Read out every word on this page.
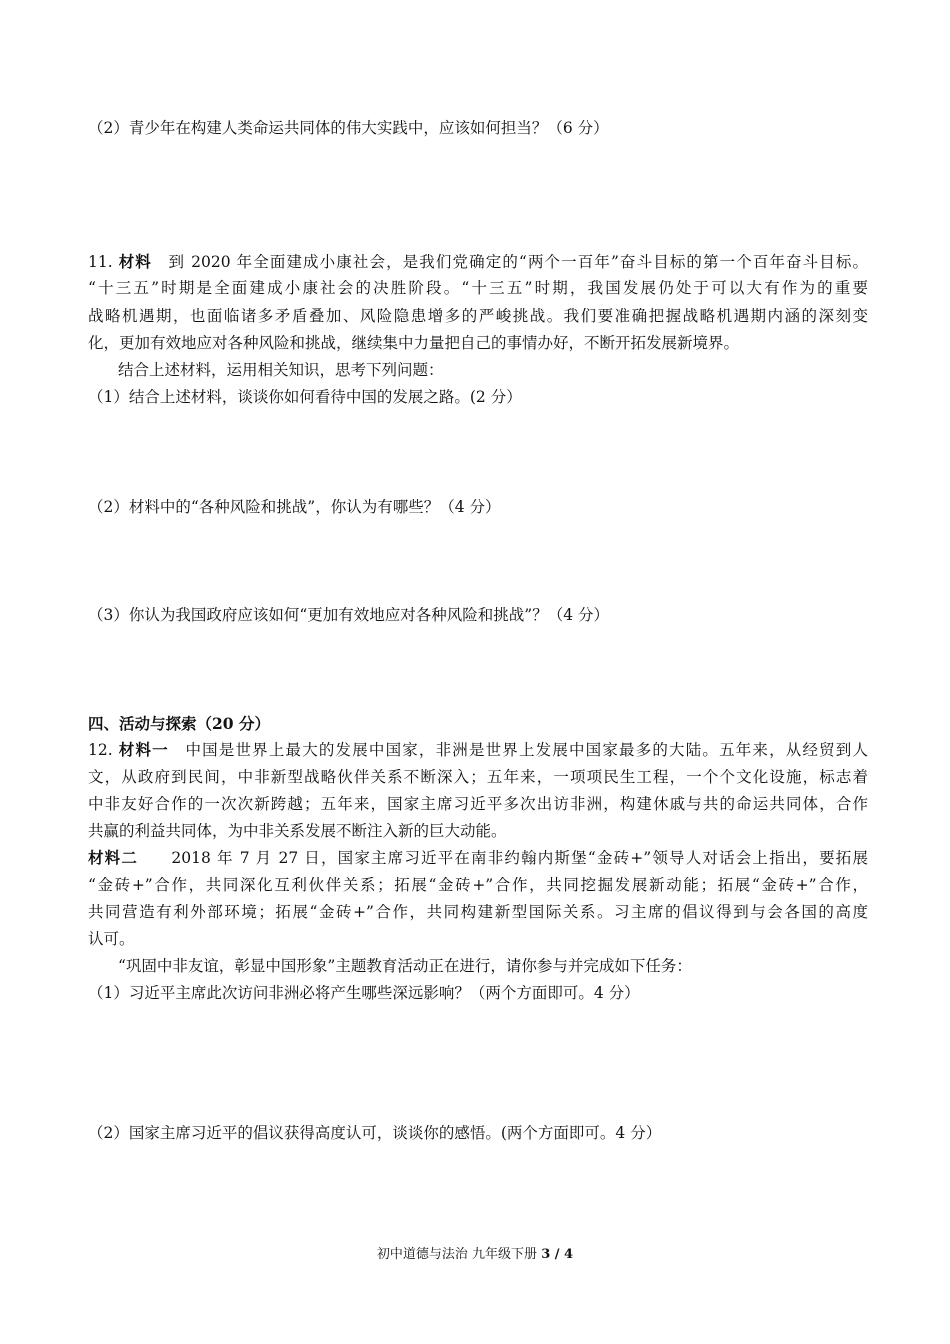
（2）青少年在构建人类命运共同体的伟大实践中，应该如何担当？（6 分）
11. 材料　 到 2020 年全面建成小康社会，是我们党确定的“两个一百年”奋斗目标的第一个百年奋斗目标。
“十三五”时期是全面建成小康社会的决胜阶段。“十三五”时期，我国发展仍处于可以大有作为的重要
战略机遇期，也面临诸多矛盾叠加、风险隐患增多的严峻挑战。我们要准确把握战略机遇期内涵的深刻变
化，更加有效地应对各种风险和挑战，继续集中力量把自己的事情办好，不断开拓发展新境界。
结合上述材料，运用相关知识，思考下列问题：
（1）结合上述材料，谈谈你如何看待中国的发展之路。(2 分）
（2）材料中的“各种风险和挑战”，你认为有哪些？（4 分）
（3）你认为我国政府应该如何“更加有效地应对各种风险和挑战”？（4 分）
四、活动与探索（20 分）
12. 材料一　 中国是世界上最大的发展中国家，非洲是世界上发展中国家最多的大陆。五年来，从经贸到人
文，从政府到民间，中非新型战略伙伴关系不断深入；五年来，一项项民生工程，一个个文化设施，标志着
中非友好合作的一次次新跨越；五年来，国家主席习近平多次出访非洲，构建休戚与共的命运共同体，合作
共赢的利益共同体，为中非关系发展不断注入新的巨大动能。
材料二　　 2018 年 7 月 27 日，国家主席习近平在南非约翰内斯堡“金砖+”领导人对话会上指出，要拓展
“金砖+”合作，共同深化互利伙伴关系；拓展“金砖+”合作，共同挖掘发展新动能；拓展“金砖+”合作，
共同营造有利外部环境；拓展“金砖+”合作，共同构建新型国际关系。习主席的倡议得到与会各国的高度
认可。
“巩固中非友谊，彰显中国形象”主题教育活动正在进行，请你参与并完成如下任务：
（1）习近平主席此次访问非洲必将产生哪些深远影响？（两个方面即可。4 分）
（2）国家主席习近平的倡议获得高度认可，谈谈你的感悟。(两个方面即可。4 分）
初中道德与法治 九年级下册 3 / 4
